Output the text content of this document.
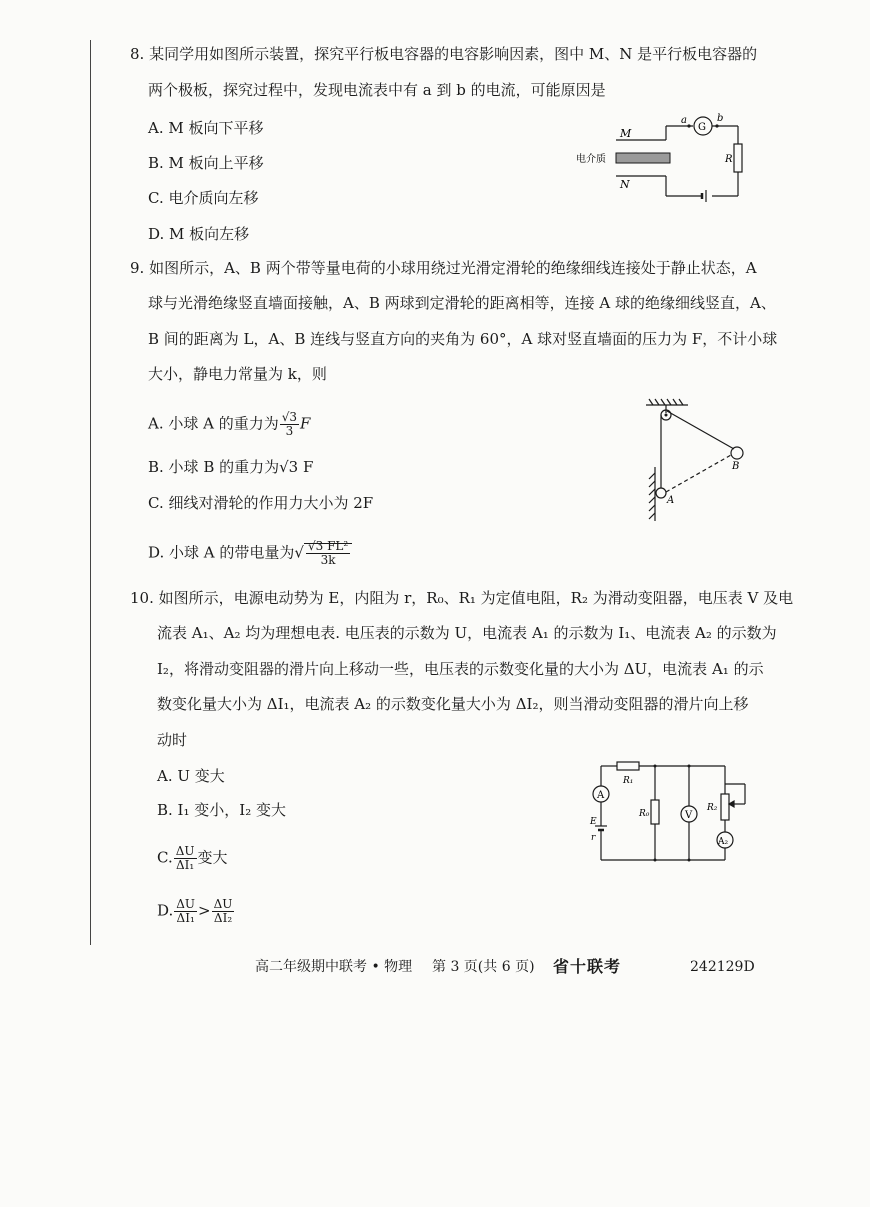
8. 某同学用如图所示装置，探究平行板电容器的电容影响因素，图中 M、N 是平行板电容器的
两个极板，探究过程中，发现电流表中有 a 到 b 的电流，可能原因是
A. M 板向下平移
B. M 板向上平移
C. 电介质向左移
D. M 板向左移
M
N
a	b
G
R
电介质
9. 如图所示，A、B 两个带等量电荷的小球用绕过光滑定滑轮的绝缘细线连接处于静止状态，A
球与光滑绝缘竖直墙面接触，A、B 两球到定滑轮的距离相等，连接 A 球的绝缘细线竖直，A、
B 间的距离为 L，A、B 连线与竖直方向的夹角为 60°，A 球对竖直墙面的压力为 F，不计小球
大小，静电力常量为 k，则
A. 小球 A 的重力为 $\frac{√3}{3}$ F
B. 小球 B 的重力为√3 F
C. 细线对滑轮的作用力大小为 2F
D. 小球 A 的带电量为√ $\frac{\text{√3 FL²}}{3k}$
A
B
10. 如图所示，电源电动势为 E，内阻为 r，R₀、R₁ 为定值电阻，R₂ 为滑动变阻器，电压表 V 及电
流表 A₁、A₂ 均为理想电表. 电压表的示数为 U，电流表 A₁ 的示数为 I₁、电流表 A₂ 的示数为
I₂，将滑动变阻器的滑片向上移动一些，电压表的示数变化量的大小为 ΔU，电流表 A₁ 的示
数变化量大小为 ΔI₁，电流表 A₂ 的示数变化量大小为 ΔI₂，则当滑动变阻器的滑片向上移
动时
A. U 变大
B. I₁ 变小，I₂ 变大
C. $\frac{\Delta U}{\text{ΔI₁}}$ 变大
D. $\frac{\Delta U}{\text{ΔI₁}} > \frac{\Delta U}{\text{ΔI₂}}$
R₁
R₀	V
R₂
A
A₂
E
r
高二年级期中联考 • 物理 第 3 页(共 6 页) 省十联考	242129D
